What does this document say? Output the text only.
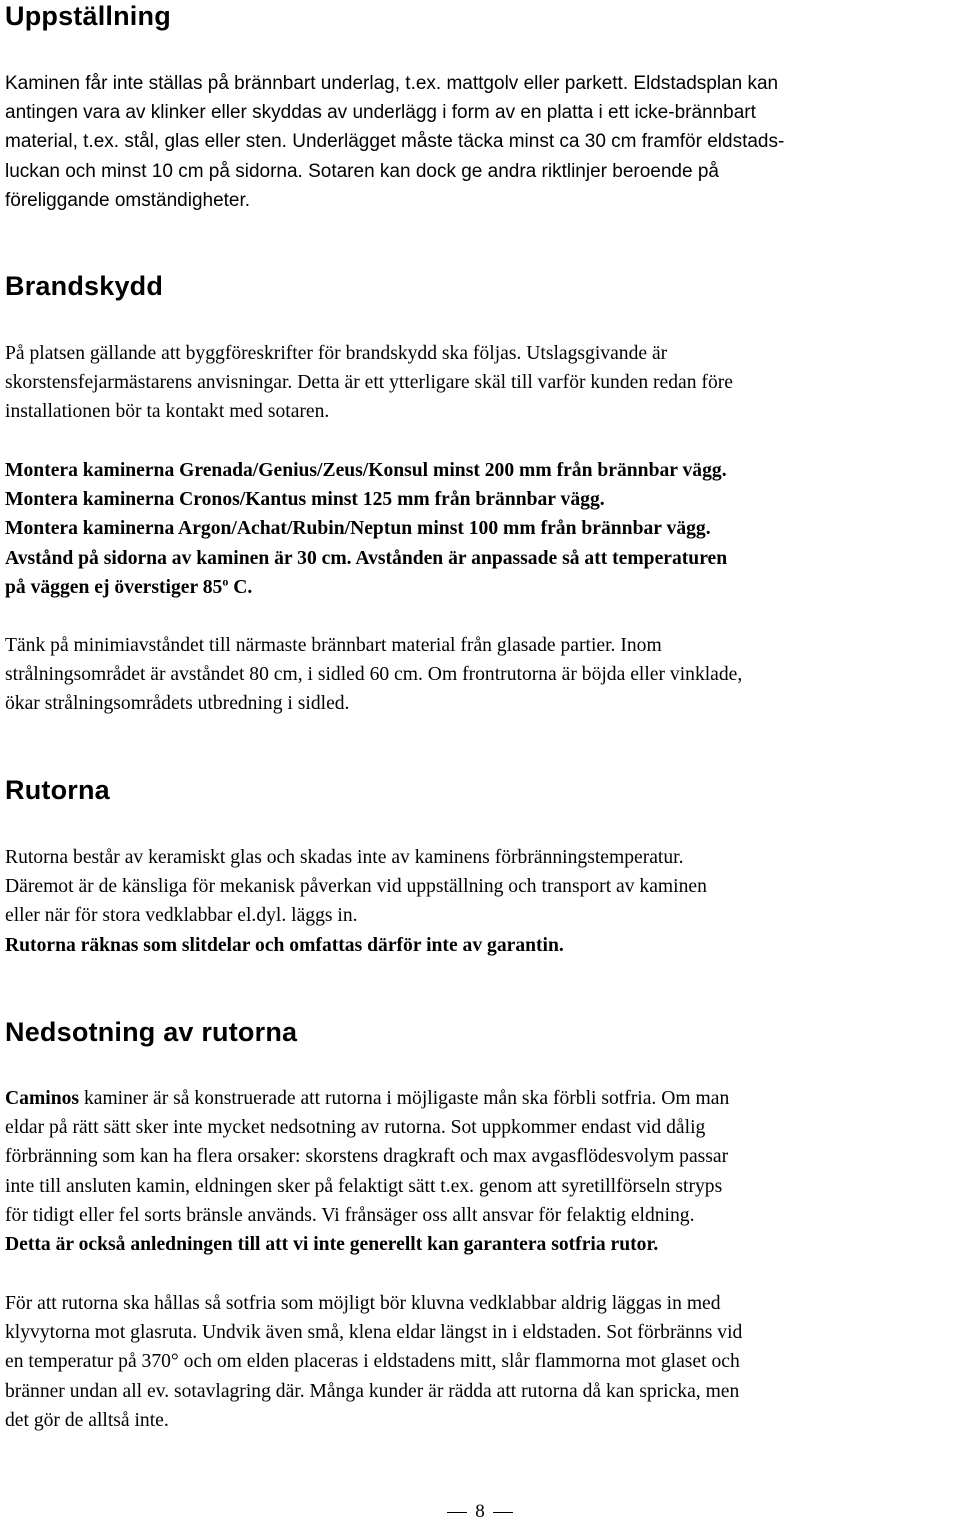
Uppställning

Kaminen får inte ställas på brännbart underlag, t.ex. mattgolv eller parkett. Eldstadsplan kan
antingen vara av klinker eller skyddas av underlägg i form av en platta i ett icke-brännbart
material, t.ex. stål, glas eller sten. Underlägget måste täcka minst ca 30 cm framför eldstads-
luckan och minst 10 cm på sidorna. Sotaren kan dock ge andra riktlinjer beroende på
föreliggande omständigheter.

Brandskydd

På platsen gällande att byggföreskrifter för brandskydd ska följas. Utslagsgivande är
skorstensfejarmästarens anvisningar. Detta är ett ytterligare skäl till varför kunden redan före
installationen bör ta kontakt med sotaren.

Montera kaminerna Grenada/Genius/Zeus/Konsul minst 200 mm från brännbar vägg.
Montera kaminerna Cronos/Kantus minst 125 mm från brännbar vägg.
Montera kaminerna Argon/Achat/Rubin/Neptun minst 100 mm från brännbar vägg.
Avstånd på sidorna av kaminen är 30 cm. Avstånden är anpassade så att temperaturen
på väggen ej överstiger 85$^o$ C.

Tänk på minimiavståndet till närmaste brännbart material från glasade partier. Inom
strålningsområdet är avståndet 80 cm, i sidled 60 cm. Om frontrutorna är böjda eller vinklade,
ökar strålningsområdets utbredning i sidled.

Rutorna

Rutorna består av keramiskt glas och skadas inte av kaminens förbränningstemperatur.
Däremot är de känsliga för mekanisk påverkan vid uppställning och transport av kaminen
eller när för stora vedklabbar el.dyl. läggs in.
Rutorna räknas som slitdelar och omfattas därför inte av garantin.

Nedsotning av rutorna

Caminos kaminer är så konstruerade att rutorna i möjligaste mån ska förbli sotfria. Om man
eldar på rätt sätt sker inte mycket nedsotning av rutorna. Sot uppkommer endast vid dålig
förbränning som kan ha flera orsaker: skorstens dragkraft och max avgasflödesvolym passar
inte till ansluten kamin, eldningen sker på felaktigt sätt t.ex. genom att syretillförseln stryps
för tidigt eller fel sorts bränsle används. Vi frånsäger oss allt ansvar för felaktig eldning.
Detta är också anledningen till att vi inte generellt kan garantera sotfria rutor.

För att rutorna ska hållas så sotfria som möjligt bör kluvna vedklabbar aldrig läggas in med
klyvytorna mot glasruta. Undvik även små, klena eldar längst in i eldstaden. Sot förbränns vid
en temperatur på 370° och om elden placeras i eldstadens mitt, slår flammorna mot glaset och
bränner undan all ev. sotavlagring där. Många kunder är rädda att rutorna då kan spricka, men
det gör de alltså inte.

8
